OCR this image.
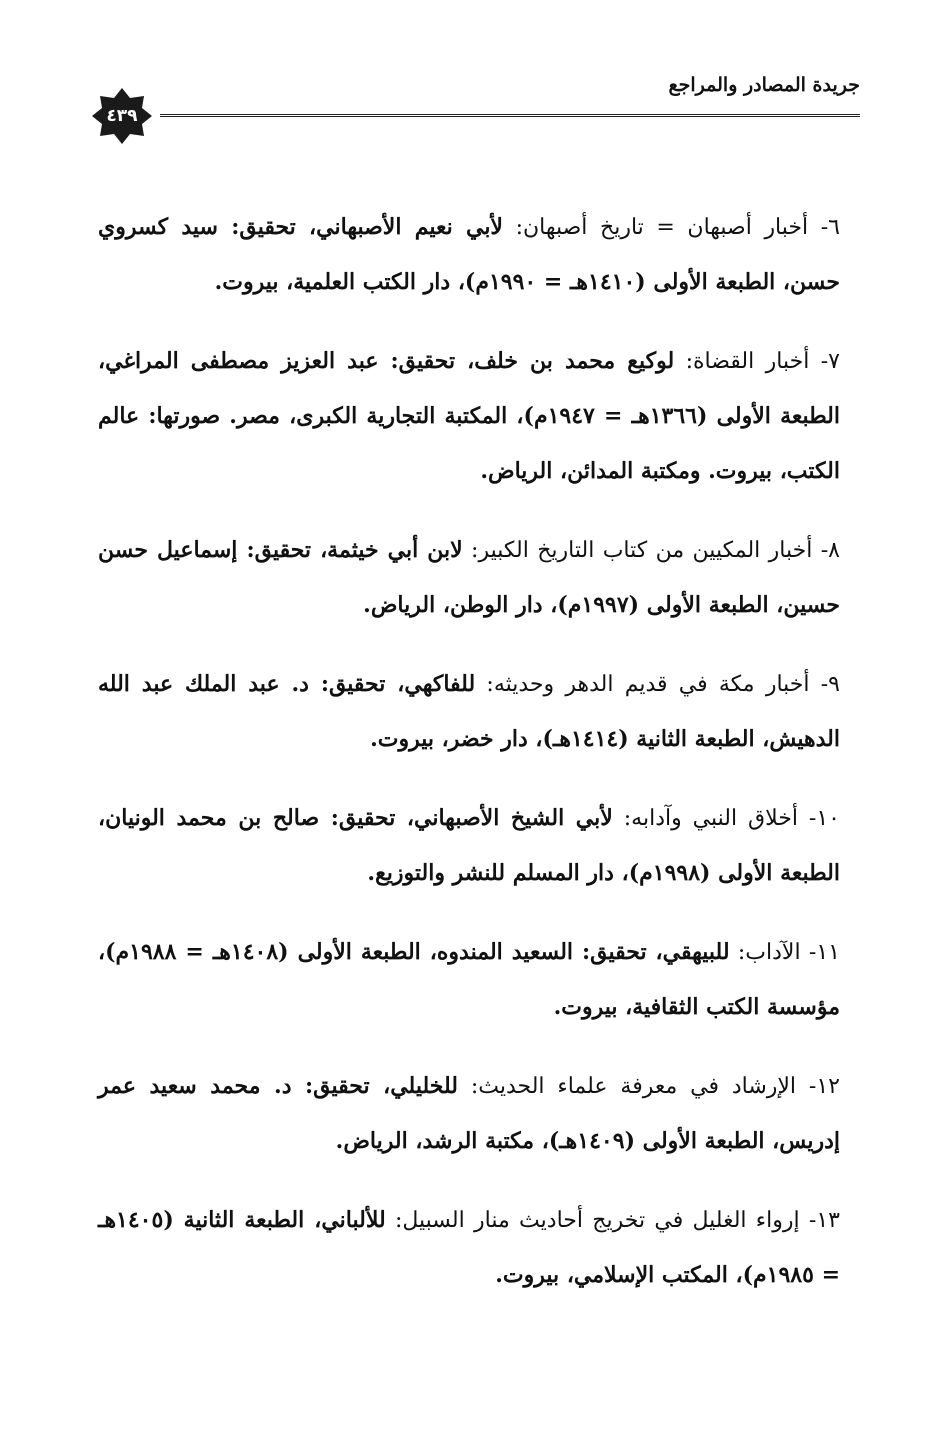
جريدة المصادر والمراجع
٤٣٩

٦- أخبار أصبهان = تاريخ أصبهان: لأبي نعيم الأصبهاني، تحقيق: سيد كسروي حسن، الطبعة الأولى (١٤١٠هـ = ١٩٩٠م)، دار الكتب العلمية، بيروت.

٧- أخبار القضاة: لوكيع محمد بن خلف، تحقيق: عبد العزيز مصطفى المراغي، الطبعة الأولى (١٣٦٦هـ = ١٩٤٧م)، المكتبة التجارية الكبرى، مصر. صورتها: عالم الكتب، بيروت. ومكتبة المدائن، الرياض.

٨- أخبار المكيين من كتاب التاريخ الكبير: لابن أبي خيثمة، تحقيق: إسماعيل حسن حسين، الطبعة الأولى (١٩٩٧م)، دار الوطن، الرياض.

٩- أخبار مكة في قديم الدهر وحديثه: للفاكهي، تحقيق: د. عبد الملك عبد الله الدهيش، الطبعة الثانية (١٤١٤هـ)، دار خضر، بيروت.

١٠- أخلاق النبي وآدابه: لأبي الشيخ الأصبهاني، تحقيق: صالح بن محمد الونيان، الطبعة الأولى (١٩٩٨م)، دار المسلم للنشر والتوزيع.

١١- الآداب: للبيهقي، تحقيق: السعيد المندوه، الطبعة الأولى (١٤٠٨هـ = ١٩٨٨م)، مؤسسة الكتب الثقافية، بيروت.

١٢- الإرشاد في معرفة علماء الحديث: للخليلي، تحقيق: د. محمد سعيد عمر إدريس، الطبعة الأولى (١٤٠٩هـ)، مكتبة الرشد، الرياض.

١٣- إرواء الغليل في تخريج أحاديث منار السبيل: للألباني، الطبعة الثانية (١٤٠٥هـ = ١٩٨٥م)، المكتب الإسلامي، بيروت.
